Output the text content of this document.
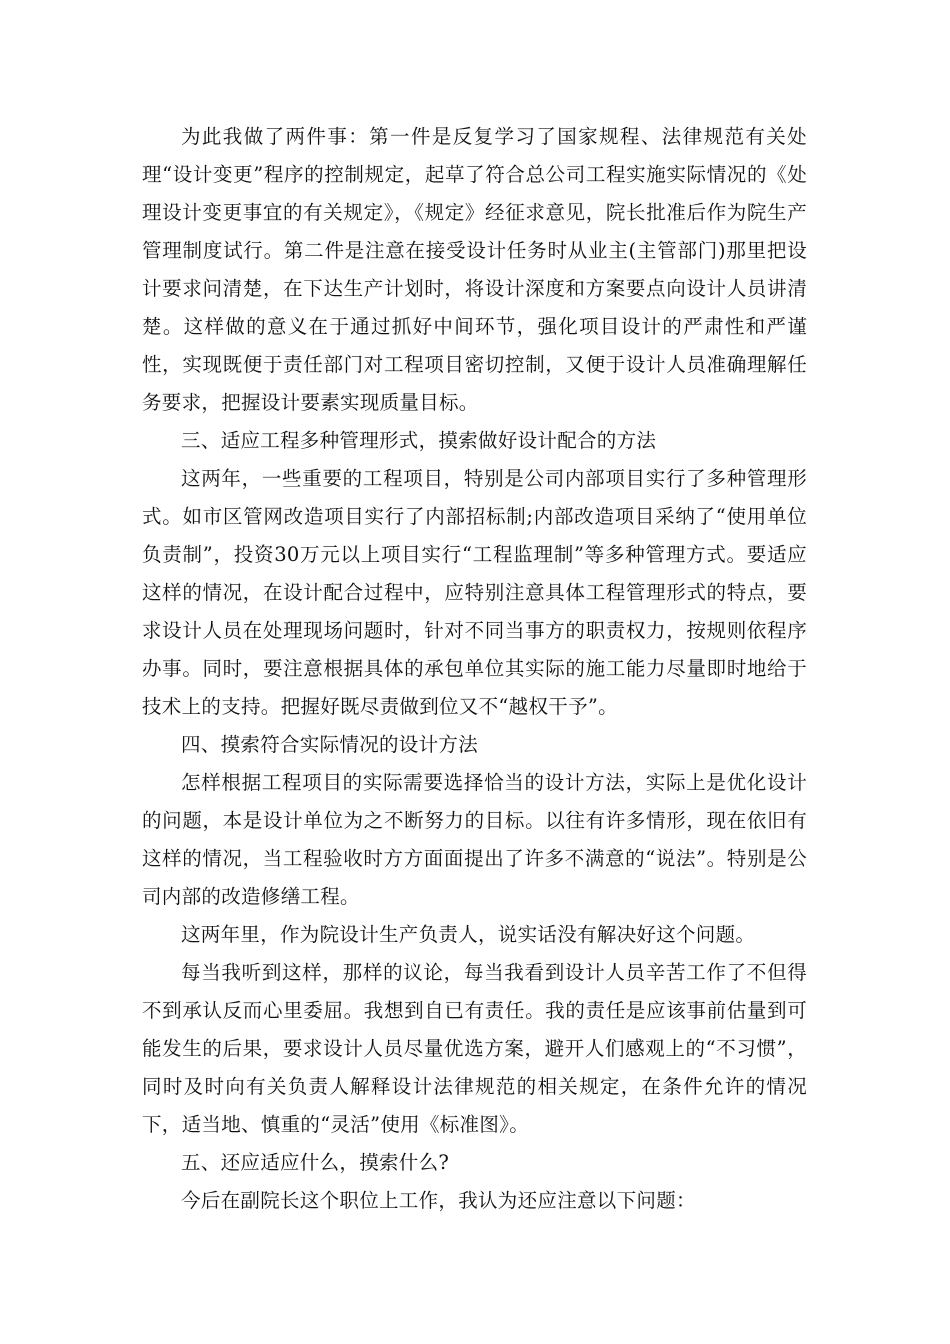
为此我做了两件事：第一件是反复学习了国家规程、法律规范有关处理“设计变更”程序的控制规定，起草了符合总公司工程实施实际情况的《处理设计变更事宜的有关规定》，《规定》经征求意见，院长批准后作为院生产管理制度试行。第二件是注意在接受设计任务时从业主(主管部门)那里把设计要求问清楚，在下达生产计划时，将设计深度和方案要点向设计人员讲清楚。这样做的意义在于通过抓好中间环节，强化项目设计的严肃性和严谨性，实现既便于责任部门对工程项目密切控制，又便于设计人员准确理解任务要求，把握设计要素实现质量目标。

三、适应工程多种管理形式，摸索做好设计配合的方法

这两年，一些重要的工程项目，特别是公司内部项目实行了多种管理形式。如市区管网改造项目实行了内部招标制;内部改造项目采纳了“使用单位负责制”，投资30万元以上项目实行“工程监理制”等多种管理方式。要适应这样的情况，在设计配合过程中，应特别注意具体工程管理形式的特点，要求设计人员在处理现场问题时，针对不同当事方的职责权力，按规则依程序办事。同时，要注意根据具体的承包单位其实际的施工能力尽量即时地给于技术上的支持。把握好既尽责做到位又不“越权干予”。

四、摸索符合实际情况的设计方法

怎样根据工程项目的实际需要选择恰当的设计方法，实际上是优化设计的问题，本是设计单位为之不断努力的目标。以往有许多情形，现在依旧有这样的情况，当工程验收时方方面面提出了许多不满意的“说法”。特别是公司内部的改造修缮工程。

这两年里，作为院设计生产负责人，说实话没有解决好这个问题。

每当我听到这样，那样的议论，每当我看到设计人员辛苦工作了不但得不到承认反而心里委屈。我想到自已有责任。我的责任是应该事前估量到可能发生的后果，要求设计人员尽量优选方案，避开人们感观上的“不习惯”，同时及时向有关负责人解释设计法律规范的相关规定，在条件允许的情况下，适当地、慎重的“灵活”使用《标准图》。

五、还应适应什么，摸索什么?

今后在副院长这个职位上工作，我认为还应注意以下问题：
